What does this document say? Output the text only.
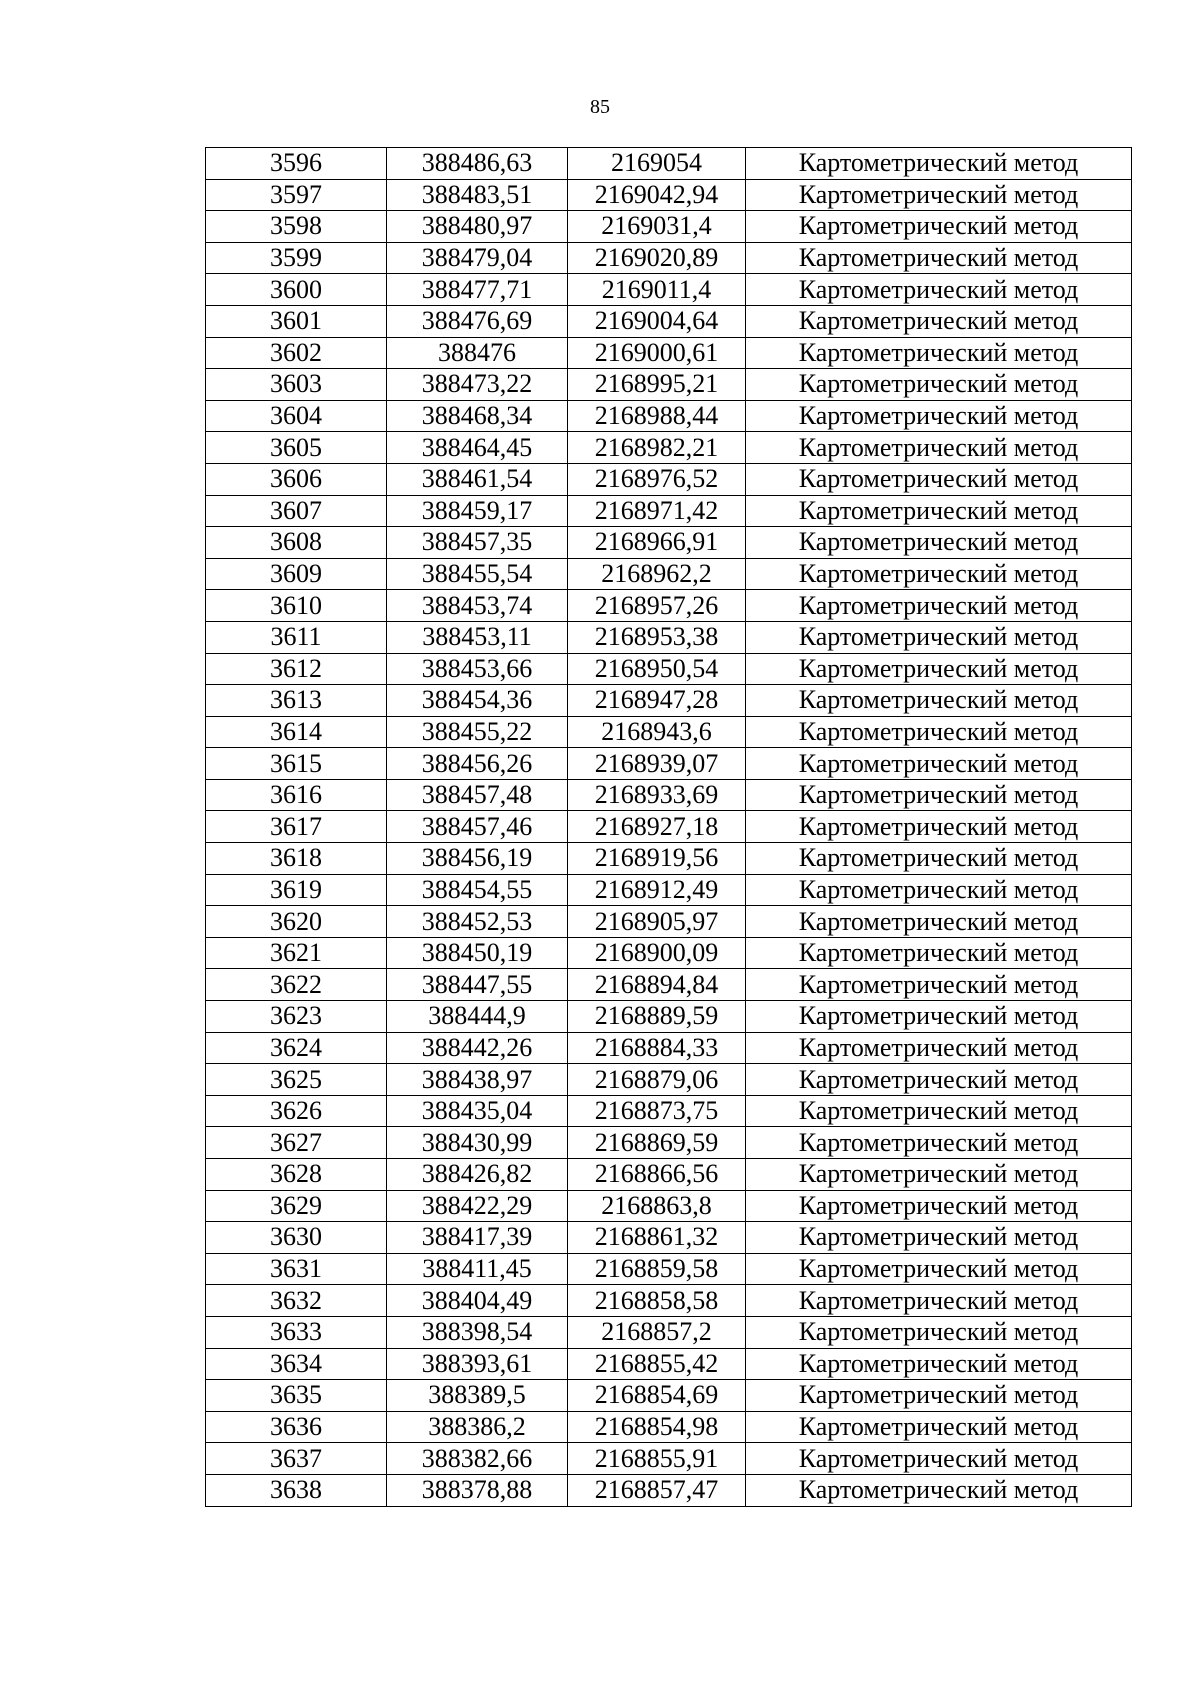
85
3596	388486,63	2169054	Картометрический метод
3597	388483,51	2169042,94	Картометрический метод
3598	388480,97	2169031,4	Картометрический метод
3599	388479,04	2169020,89	Картометрический метод
3600	388477,71	2169011,4	Картометрический метод
3601	388476,69	2169004,64	Картометрический метод
3602	388476	2169000,61	Картометрический метод
3603	388473,22	2168995,21	Картометрический метод
3604	388468,34	2168988,44	Картометрический метод
3605	388464,45	2168982,21	Картометрический метод
3606	388461,54	2168976,52	Картометрический метод
3607	388459,17	2168971,42	Картометрический метод
3608	388457,35	2168966,91	Картометрический метод
3609	388455,54	2168962,2	Картометрический метод
3610	388453,74	2168957,26	Картометрический метод
3611	388453,11	2168953,38	Картометрический метод
3612	388453,66	2168950,54	Картометрический метод
3613	388454,36	2168947,28	Картометрический метод
3614	388455,22	2168943,6	Картометрический метод
3615	388456,26	2168939,07	Картометрический метод
3616	388457,48	2168933,69	Картометрический метод
3617	388457,46	2168927,18	Картометрический метод
3618	388456,19	2168919,56	Картометрический метод
3619	388454,55	2168912,49	Картометрический метод
3620	388452,53	2168905,97	Картометрический метод
3621	388450,19	2168900,09	Картометрический метод
3622	388447,55	2168894,84	Картометрический метод
3623	388444,9	2168889,59	Картометрический метод
3624	388442,26	2168884,33	Картометрический метод
3625	388438,97	2168879,06	Картометрический метод
3626	388435,04	2168873,75	Картометрический метод
3627	388430,99	2168869,59	Картометрический метод
3628	388426,82	2168866,56	Картометрический метод
3629	388422,29	2168863,8	Картометрический метод
3630	388417,39	2168861,32	Картометрический метод
3631	388411,45	2168859,58	Картометрический метод
3632	388404,49	2168858,58	Картометрический метод
3633	388398,54	2168857,2	Картометрический метод
3634	388393,61	2168855,42	Картометрический метод
3635	388389,5	2168854,69	Картометрический метод
3636	388386,2	2168854,98	Картометрический метод
3637	388382,66	2168855,91	Картометрический метод
3638	388378,88	2168857,47	Картометрический метод
